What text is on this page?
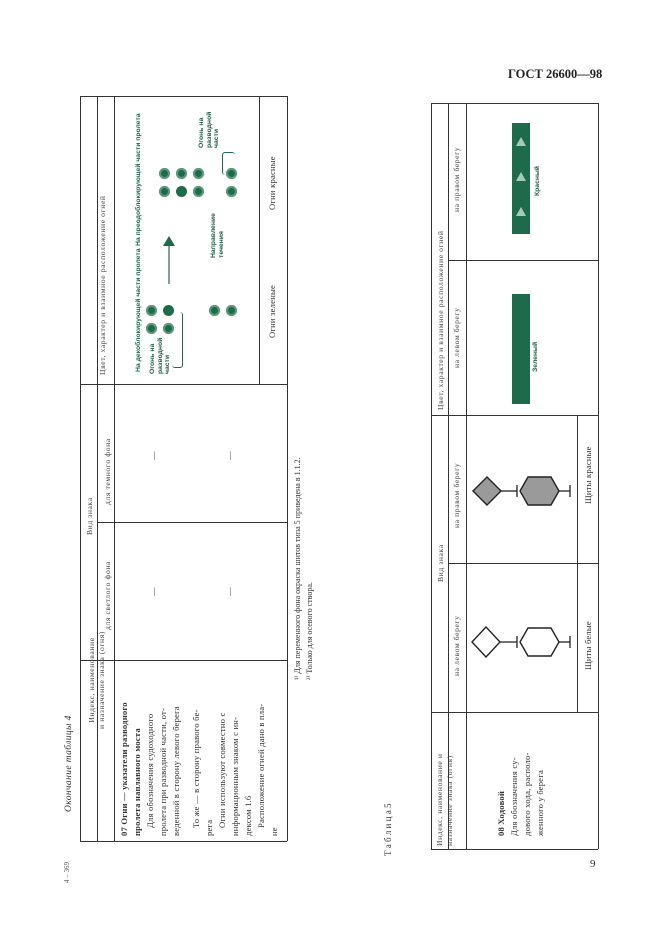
ГОСТ 26600—98
9
4 – 369
Окончание таблицы 4
Индекс, наименование и назначение знака (огня)
Вид знака
для светлого фона
для темного фона
Цвет, характер и взаимное расположение огней
07 Огни — указатели разводного пролета наплавного моста Для обозначения судоходного пролета при разводной части, от- веденной в сторону левого берега То же — в сторону правого бе- рега Огни используют совместно с информационным знаком с ин- дексом 1.6 Расположение огней дано в пла-
не
—
—
—
—
На декоблокирующей части пролета
На преодоблокирующей части пролета
Огонь на разводной части
Направление течения
Огонь на разводной части
Огни зеленые
Огни красные
¹⁾ Для переменного фона окраска шитов типа 5 приведена в 1.1.2. ²⁾ Только для осевого створа.
Т а б л и ц а 5	Индекс, наименование и назначение знака (огня)
Вид знака
на левом берегу
на правом берегу
Цвет, характер и взаимное расположение огней на левом берегу
на правом берегу
08 Ходовой Для обозначения су- дового хода, располо- женного у берега
Щиты белые
Щиты красные
Зеленый
Красный
